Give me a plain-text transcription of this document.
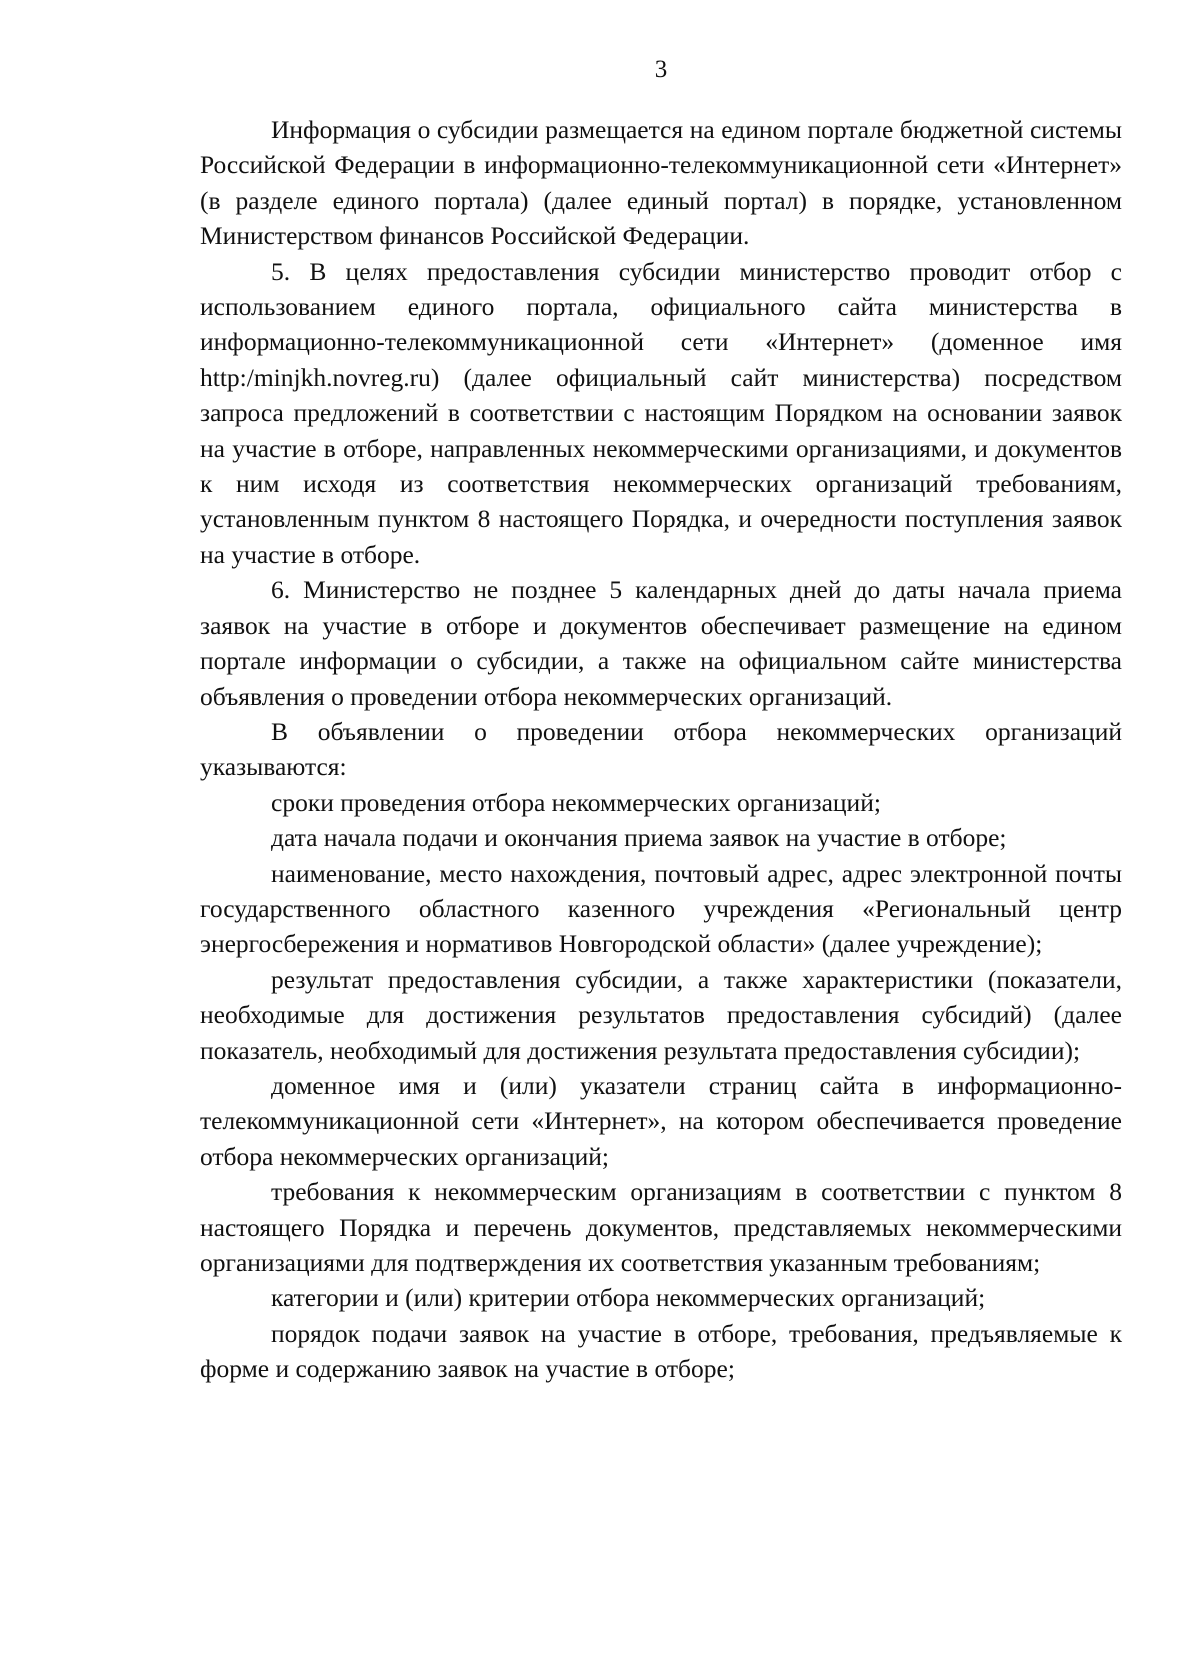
3

Информация о субсидии размещается на едином портале бюджетной системы Российской Федерации в информационно-телекоммуникационной сети «Интернет» (в разделе единого портала) (далее единый портал) в порядке, установленном Министерством финансов Российской Федерации.

5. В целях предоставления субсидии министерство проводит отбор с использованием единого портала, официального сайта министерства в информационно-телекоммуникационной сети «Интернет» (доменное имя http:/minjkh.novreg.ru) (далее официальный сайт министерства) посредством запроса предложений в соответствии с настоящим Порядком на основании заявок на участие в отборе, направленных некоммерческими организациями, и документов к ним исходя из соответствия некоммерческих организаций требованиям, установленным пунктом 8 настоящего Порядка, и очередности поступления заявок на участие в отборе.

6. Министерство не позднее 5 календарных дней до даты начала приема заявок на участие в отборе и документов обеспечивает размещение на едином портале информации о субсидии, а также на официальном сайте министерства объявления о проведении отбора некоммерческих организаций.

В объявлении о проведении отбора некоммерческих организаций указываются:

сроки проведения отбора некоммерческих организаций;

дата начала подачи и окончания приема заявок на участие в отборе;

наименование, место нахождения, почтовый адрес, адрес электронной почты государственного областного казенного учреждения «Региональный центр энергосбережения и нормативов Новгородской области» (далее учреждение);

результат предоставления субсидии, а также характеристики (показатели, необходимые для достижения результатов предоставления субсидий) (далее показатель, необходимый для достижения результата предоставления субсидии);

доменное имя и (или) указатели страниц сайта в информационно-телекоммуникационной сети «Интернет», на котором обеспечивается проведение отбора некоммерческих организаций;

требования к некоммерческим организациям в соответствии с пунктом 8 настоящего Порядка и перечень документов, представляемых некоммерческими организациями для подтверждения их соответствия указанным требованиям;

категории и (или) критерии отбора некоммерческих организаций;

порядок подачи заявок на участие в отборе, требования, предъявляемые к форме и содержанию заявок на участие в отборе;
